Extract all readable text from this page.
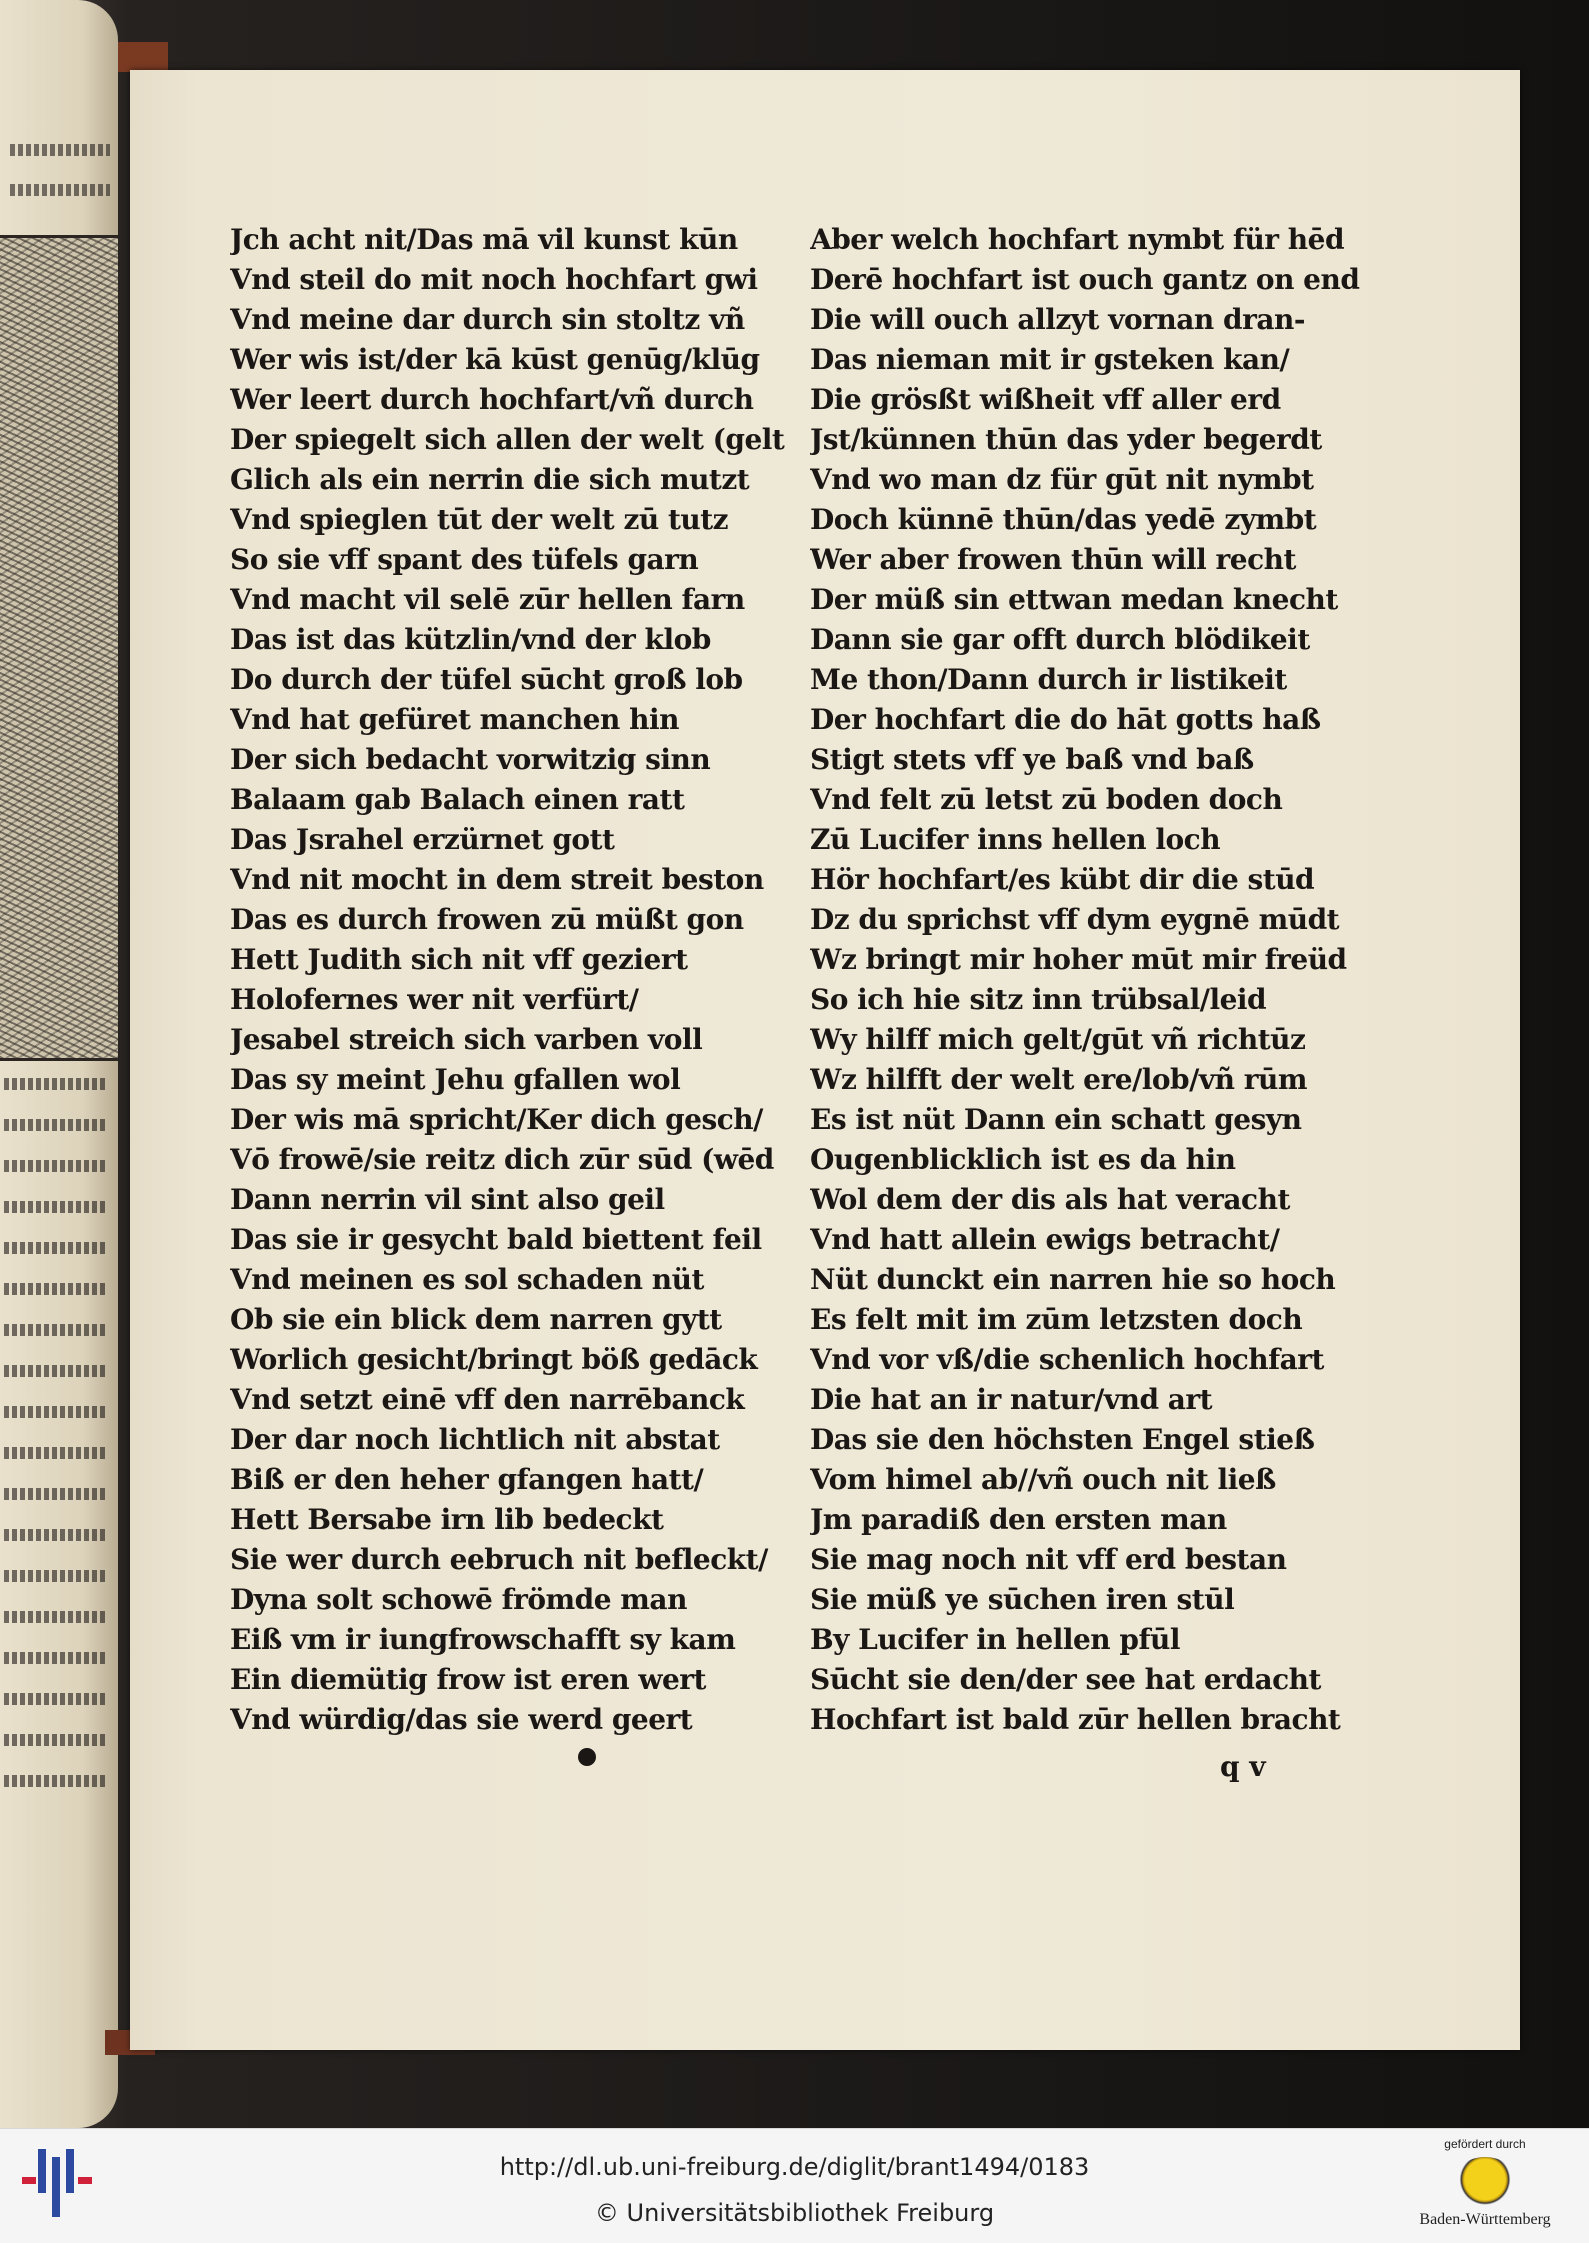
Jch acht nit/Das mā vil kunst kūn
Vnd steil do mit noch hochfart gwi
Vnd meine dar durch sin stoltz vñ
Wer wis ist/der kā kūst genūg/klūg
Wer leert durch hochfart/vñ durch
Der spiegelt sich allen der welt (gelt
Glich als ein nerrin die sich mutzt
Vnd spieglen tūt der welt zū tutz
So sie vff spant des tüfels garn
Vnd macht vil selē zūr hellen farn
Das ist das kützlin/vnd der klob
Do durch der tüfel sūcht groß lob
Vnd hat gefüret manchen hin
Der sich bedacht vorwitzig sinn
Balaam gab Balach einen ratt
Das Jsrahel erzürnet gott
Vnd nit mocht in dem streit beston
Das es durch frowen zū müßt gon
Hett Judith sich nit vff geziert
Holofernes wer nit verfürt/
Jesabel streich sich varben voll
Das sy meint Jehu gfallen wol
Der wis mā spricht/Ker dich gesch/
Vō frowē/sie reitz dich zūr sūd (wēd
Dann nerrin vil sint also geil
Das sie ir gesycht bald biettent feil
Vnd meinen es sol schaden nüt
Ob sie ein blick dem narren gytt
Worlich gesicht/bringt böß gedāck
Vnd setzt einē vff den narrēbanck
Der dar noch lichtlich nit abstat
Biß er den heher gfangen hatt/
Hett Bersabe irn lib bedeckt
Sie wer durch eebruch nit befleckt/
Dyna solt schowē frömde man
Eiß vm ir iungfrowschafft sy kam
Ein diemütig frow ist eren wert
Vnd würdig/das sie werd geert
Aber welch hochfart nymbt für hēd
Derē hochfart ist ouch gantz on end
Die will ouch allzyt vornan dran-
Das nieman mit ir gsteken kan/
Die grösßt wißheit vff aller erd
Jst/künnen thūn das yder begerdt
Vnd wo man dz für gūt nit nymbt
Doch künnē thūn/das yedē zymbt
Wer aber frowen thūn will recht
Der müß sin ettwan medan knecht
Dann sie gar offt durch blödikeit
Me thon/Dann durch ir listikeit
Der hochfart die do hāt gotts haß
Stigt stets vff ye baß vnd baß
Vnd felt zū letst zū boden doch
Zū Lucifer inns hellen loch
Hör hochfart/es kübt dir die stūd
Dz du sprichst vff dym eygnē mūdt
Wz bringt mir hoher mūt mir freüd
So ich hie sitz inn trübsal/leid
Wy hilff mich gelt/gūt vñ richtūz
Wz hilfft der welt ere/lob/vñ rūm
Es ist nüt Dann ein schatt gesyn
Ougenblicklich ist es da hin
Wol dem der dis als hat veracht
Vnd hatt allein ewigs betracht/
Nüt dunckt ein narren hie so hoch
Es felt mit im zūm letzsten doch
Vnd vor vß/die schenlich hochfart
Die hat an ir natur/vnd art
Das sie den höchsten Engel stieß
Vom himel ab//vñ ouch nit ließ
Jm paradiß den ersten man
Sie mag noch nit vff erd bestan
Sie müß ye sūchen iren stūl
By Lucifer in hellen pfūl
Sūcht sie den/der see hat erdacht
Hochfart ist bald zūr hellen bracht
q v
http://dl.ub.uni-freiburg.de/diglit/brant1494/0183
© Universitätsbibliothek Freiburg
gefördert durch
Baden-Württemberg
